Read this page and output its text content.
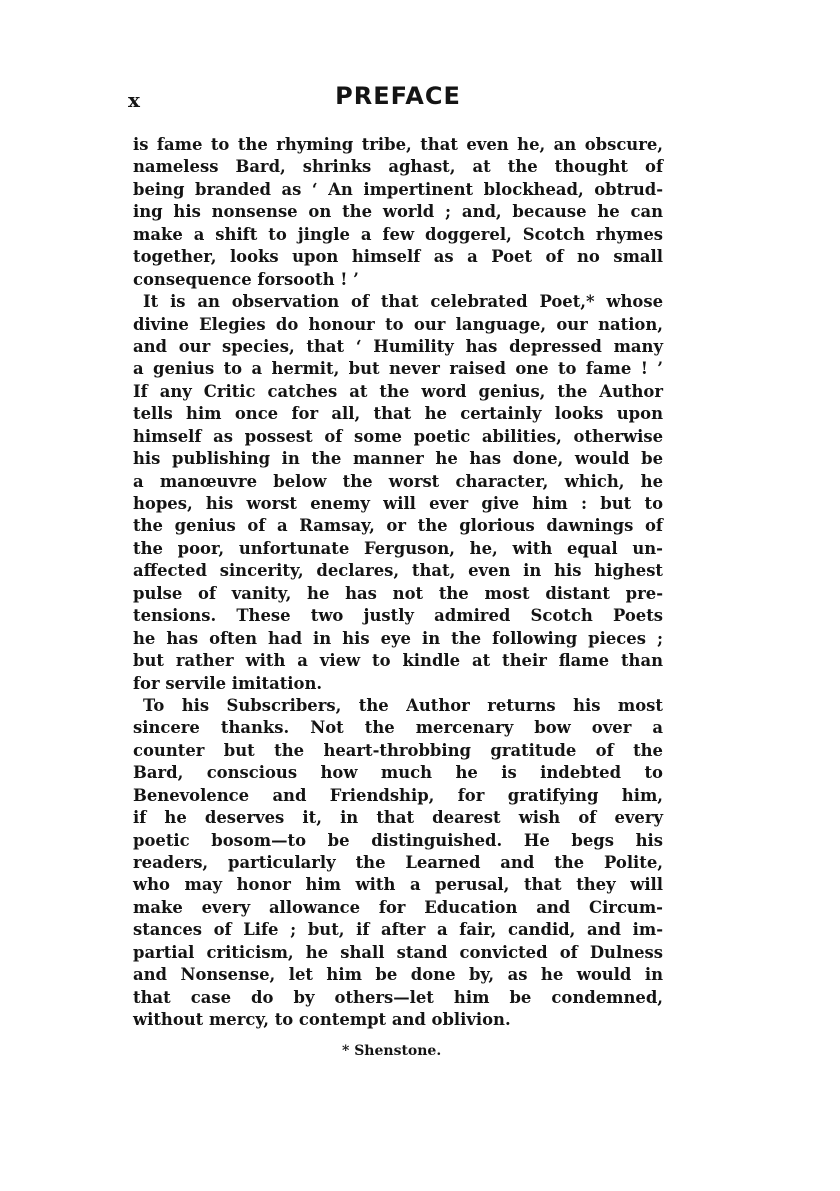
x	PREFACE
is fame to the rhyming tribe, that even he, an obscure,
nameless Bard, shrinks aghast, at the thought of
being branded as ‘ An impertinent blockhead, obtrud-
ing his nonsense on the world ; and, because he can
make a shift to jingle a few doggerel, Scotch rhymes
together, looks upon himself as a Poet of no small
consequence forsooth ! ’
It is an observation of that celebrated Poet,* whose
divine Elegies do honour to our language, our nation,
and our species, that ‘ Humility has depressed many
a genius to a hermit, but never raised one to fame ! ’
If any Critic catches at the word genius, the Author
tells him once for all, that he certainly looks upon
himself as possest of some poetic abilities, otherwise
his publishing in the manner he has done, would be
a manœuvre below the worst character, which, he
hopes, his worst enemy will ever give him : but to
the genius of a Ramsay, or the glorious dawnings of
the poor, unfortunate Ferguson, he, with equal un-
affected sincerity, declares, that, even in his highest
pulse of vanity, he has not the most distant pre-
tensions. These two justly admired Scotch Poets
he has often had in his eye in the following pieces ;
but rather with a view to kindle at their flame than
for servile imitation.
To his Subscribers, the Author returns his most
sincere thanks. Not the mercenary bow over a
counter but the heart-throbbing gratitude of the
Bard, conscious how much he is indebted to
Benevolence and Friendship, for gratifying him,
if he deserves it, in that dearest wish of every
poetic bosom—to be distinguished. He begs his
readers, particularly the Learned and the Polite,
who may honor him with a perusal, that they will
make every allowance for Education and Circum-
stances of Life ; but, if after a fair, candid, and im-
partial criticism, he shall stand convicted of Dulness
and Nonsense, let him be done by, as he would in
that case do by others—let him be condemned,
without mercy, to contempt and oblivion.
* Shenstone.
